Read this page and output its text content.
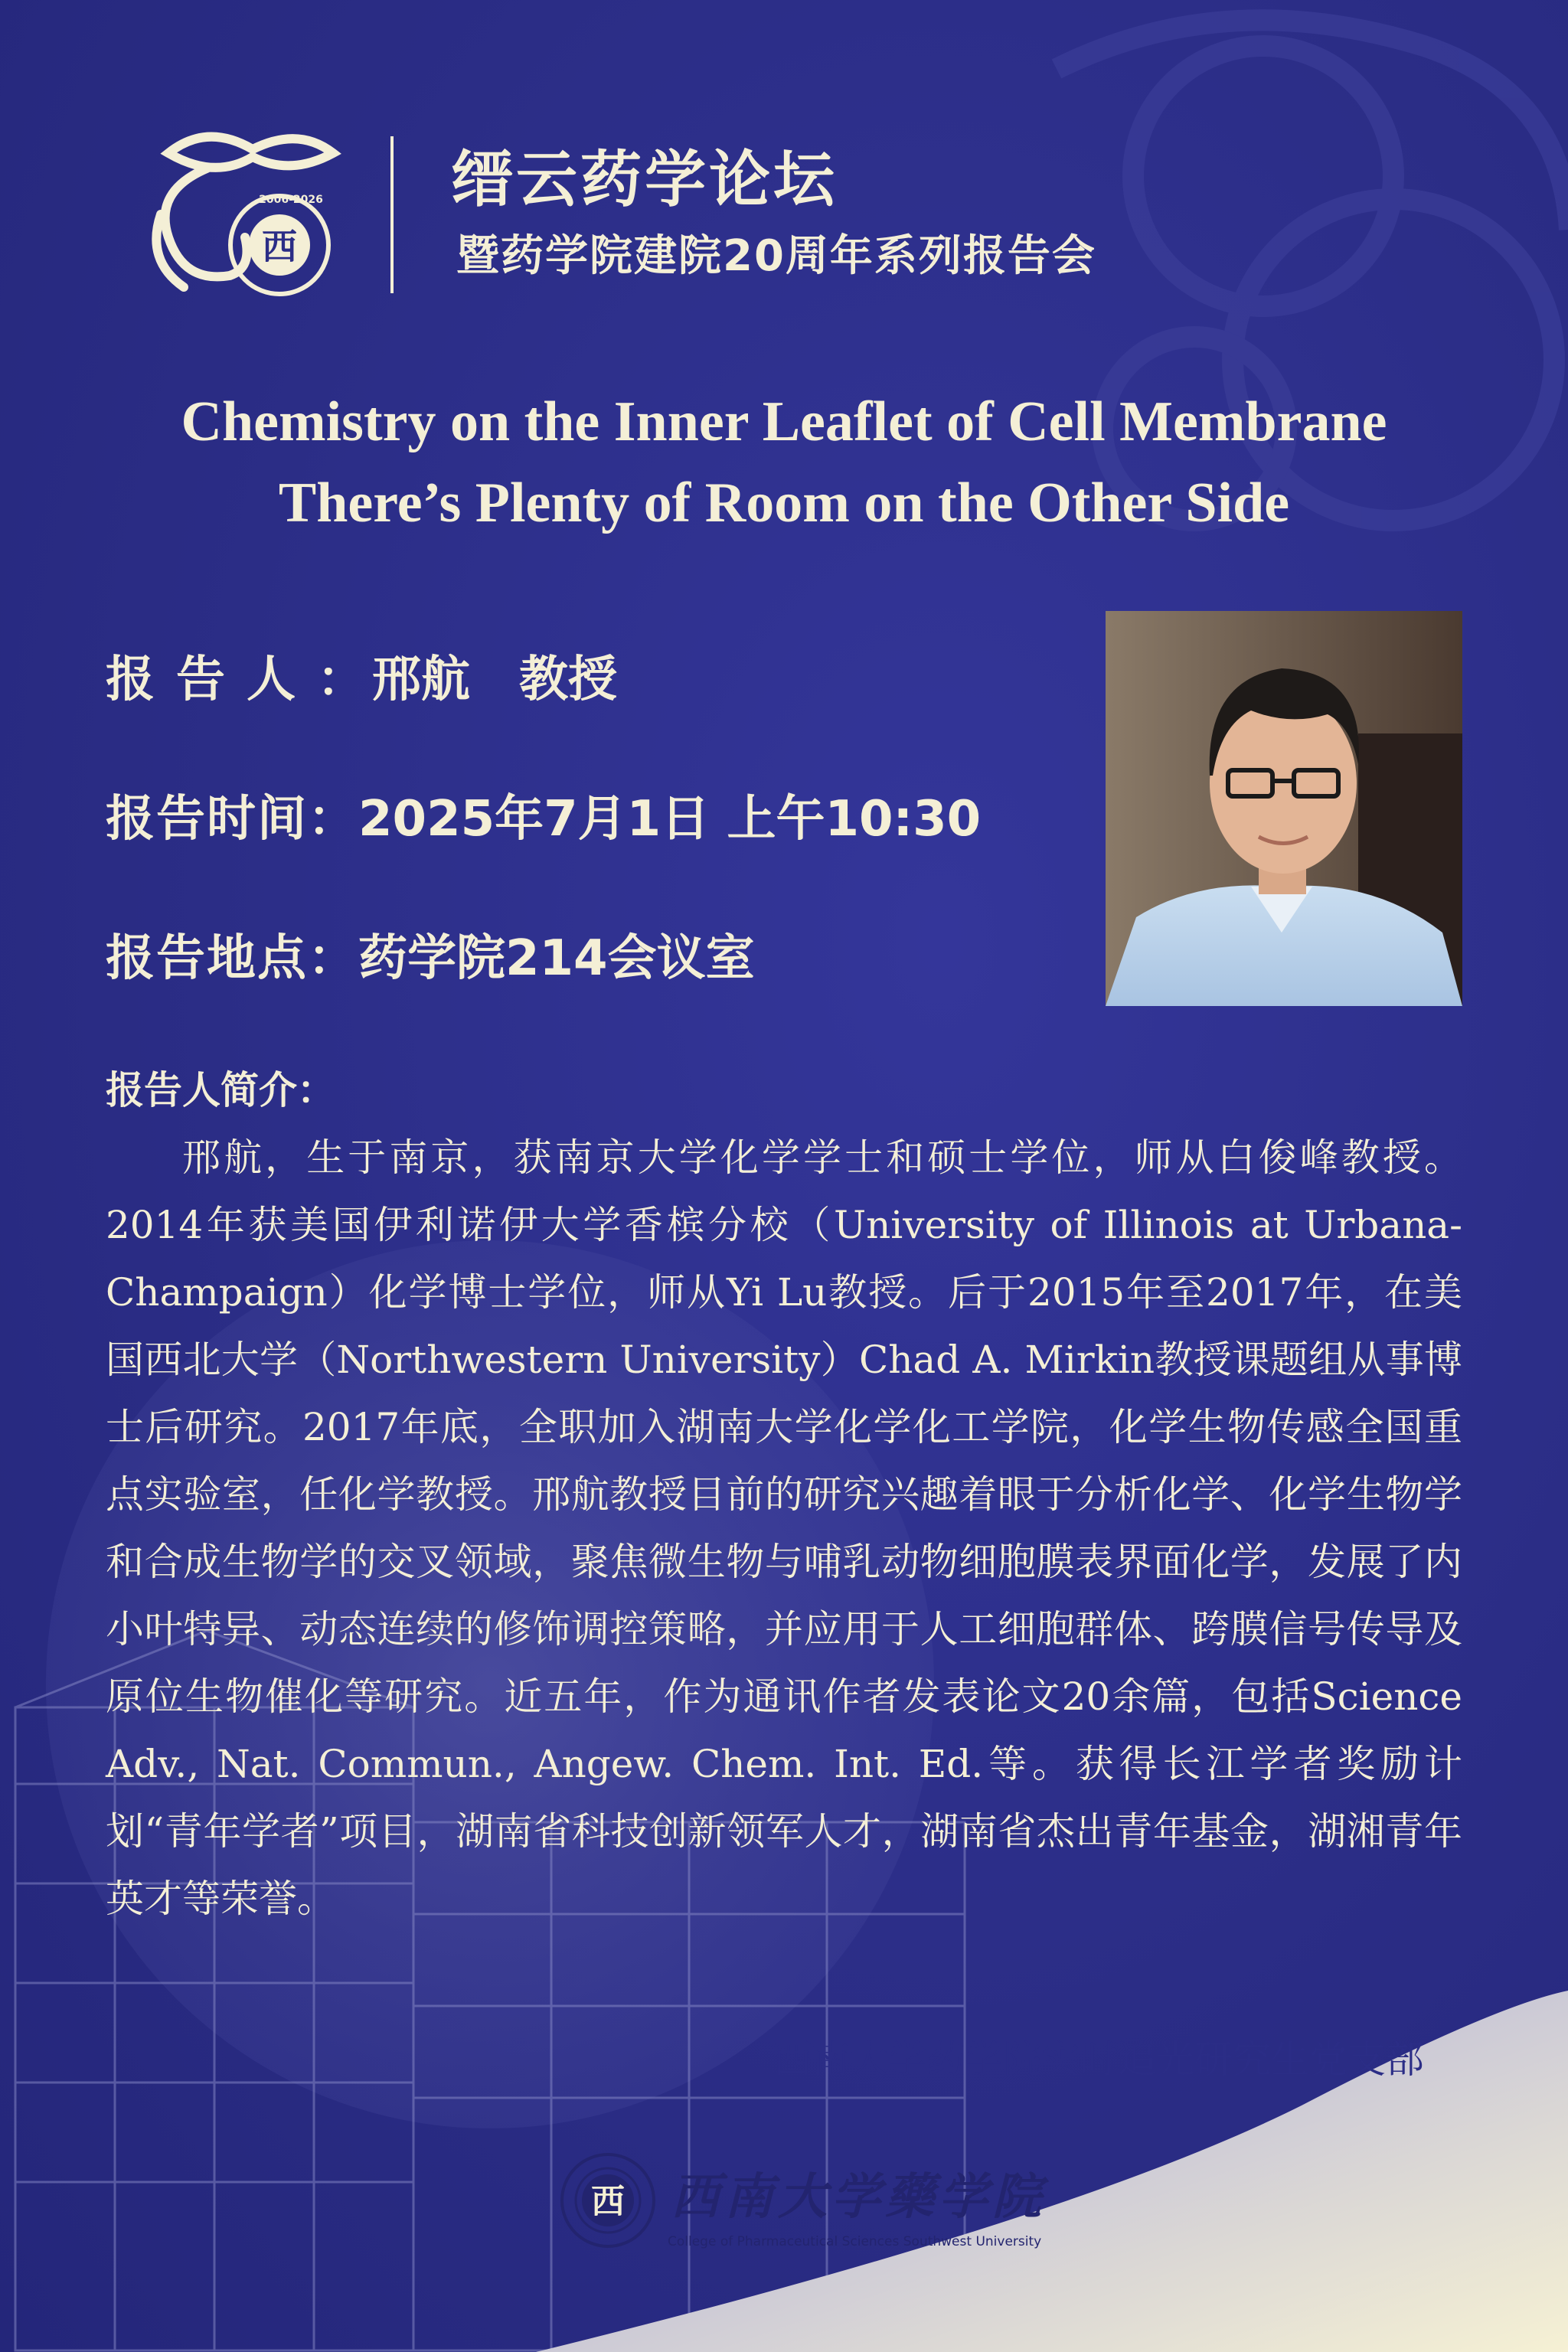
西
2006-2026 缙云药学论坛
暨药学院建院20周年系列报告会
Chemistry on the Inner Leaflet of Cell Membrane
There’s Plenty of Room on the Other Side
报告人：邢航　教授
报告时间：2025年7月1日 上午10:30
报告地点：药学院214会议室
报告人简介：
邢航，生于南京，获南京大学化学学士和硕士学位，师从白俊峰教授。2014年获美国伊利诺伊大学香槟分校（University of Illinois at Urbana-Champaign）化学博士学位，师从Yi Lu教授。后于2015年至2017年，在美国西北大学（Northwestern University）Chad A. Mirkin教授课题组从事博士后研究。2017年底，全职加入湖南大学化学化工学院，化学生物传感全国重点实验室，任化学教授。邢航教授目前的研究兴趣着眼于分析化学、化学生物学和合成生物学的交叉领域，聚焦微生物与哺乳动物细胞膜表界面化学，发展了内小叶特异、动态连续的修饰调控策略，并应用于人工细胞群体、跨膜信号传导及原位生物催化等研究。近五年，作为通讯作者发表论文20余篇，包括Science Adv., Nat. Commun., Angew. Chem. Int. Ed.等。获得长江学者奖励计划“青年学者”项目，湖南省科技创新领军人才，湖南省杰出青年基金，湖湘青年英才等荣誉。
西南大学药学院实时追光研究生党支部
西 西南大学藥学院
College of Pharmaceutical Sciences Southwest University
